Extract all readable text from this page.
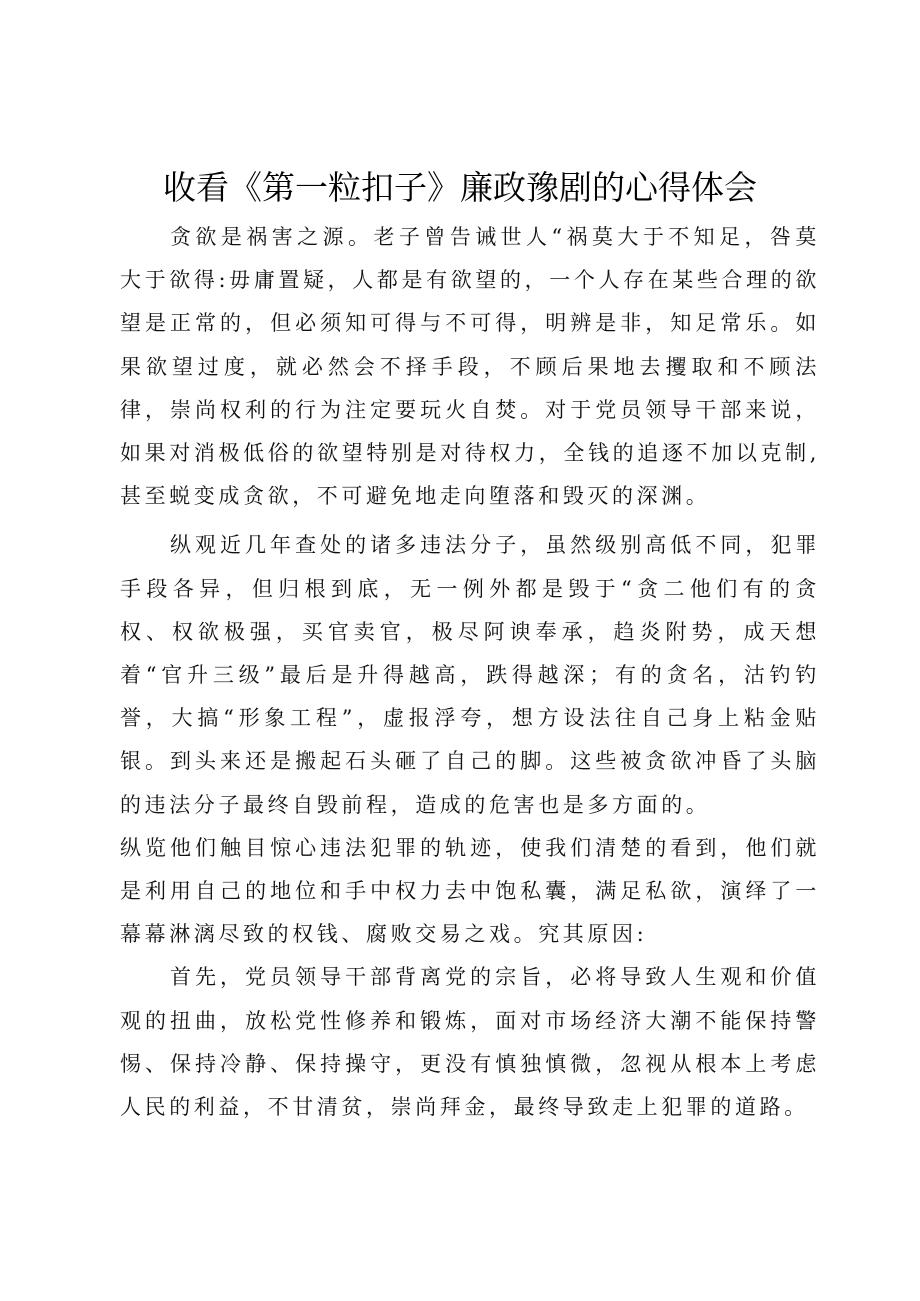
收看《第一粒扣子》廉政豫剧的心得体会

贪欲是祸害之源。老子曾告诫世人“祸莫大于不知足，咎莫大于欲得:毋庸置疑，人都是有欲望的，一个人存在某些合理的欲望是正常的，但必须知可得与不可得，明辨是非，知足常乐。如果欲望过度，就必然会不择手段，不顾后果地去攫取和不顾法律，崇尚权利的行为注定要玩火自焚。对于党员领导干部来说，如果对消极低俗的欲望特别是对待权力，全钱的追逐不加以克制,甚至蜕变成贪欲，不可避免地走向堕落和毁灭的深渊。

纵观近几年查处的诸多违法分子，虽然级别高低不同，犯罪手段各异，但归根到底，无一例外都是毁于“贪二他们有的贪权、权欲极强，买官卖官，极尽阿谀奉承，趋炎附势，成天想着“官升三级”最后是升得越高，跌得越深；有的贪名，沽钓钓誉，大搞“形象工程”，虚报浮夸，想方设法往自己身上粘金贴银。到头来还是搬起石头砸了自己的脚。这些被贪欲冲昏了头脑的违法分子最终自毁前程，造成的危害也是多方面的。

纵览他们触目惊心违法犯罪的轨迹，使我们清楚的看到，他们就是利用自己的地位和手中权力去中饱私囊，满足私欲，演绎了一幕幕淋漓尽致的权钱、腐败交易之戏。究其原因:

首先，党员领导干部背离党的宗旨，必将导致人生观和价值观的扭曲，放松党性修养和锻炼，面对市场经济大潮不能保持警惕、保持冷静、保持操守，更没有慎独慎微，忽视从根本上考虑人民的利益，不甘清贫，崇尚拜金，最终导致走上犯罪的道路。
